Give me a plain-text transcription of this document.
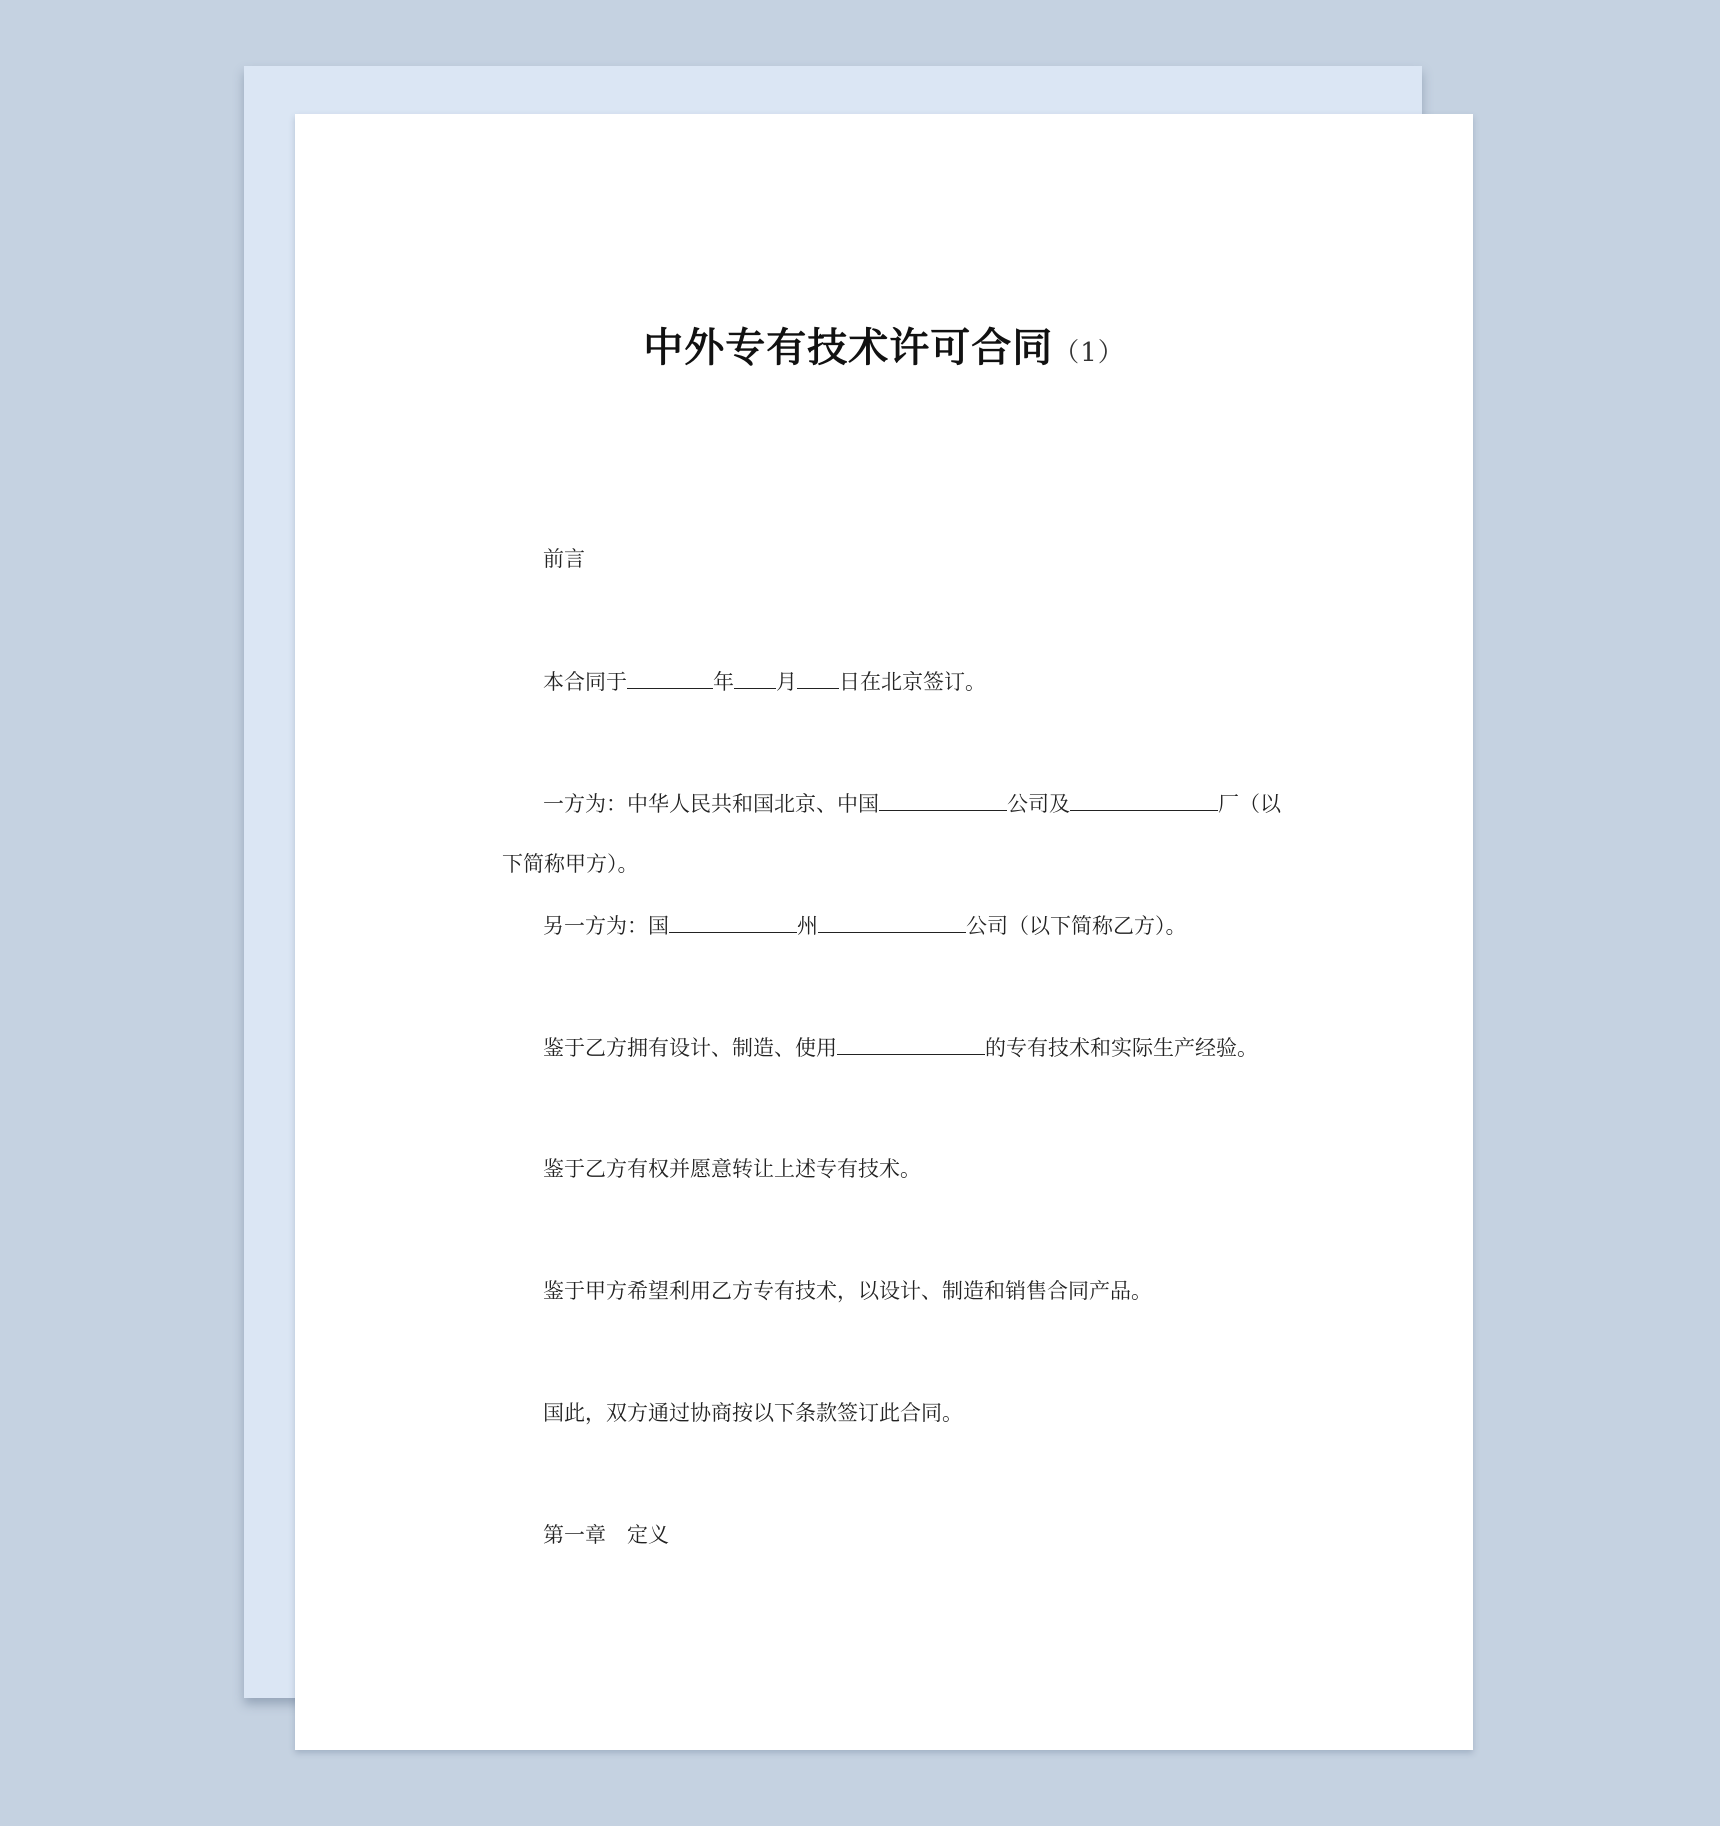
中外专有技术许可合同（1）
前言
本合同于	年 月 日在北京签订。
一方为：中华人民共和国北京、中国	公司及	厂（以
下简称甲方）。
另一方为：国	州	公司（以下简称乙方）。
鉴于乙方拥有设计、制造、使用	的专有技术和实际生产经验。
鉴于乙方有权并愿意转让上述专有技术。
鉴于甲方希望利用乙方专有技术，以设计、制造和销售合同产品。
国此，双方通过协商按以下条款签订此合同。
第一章　定义
